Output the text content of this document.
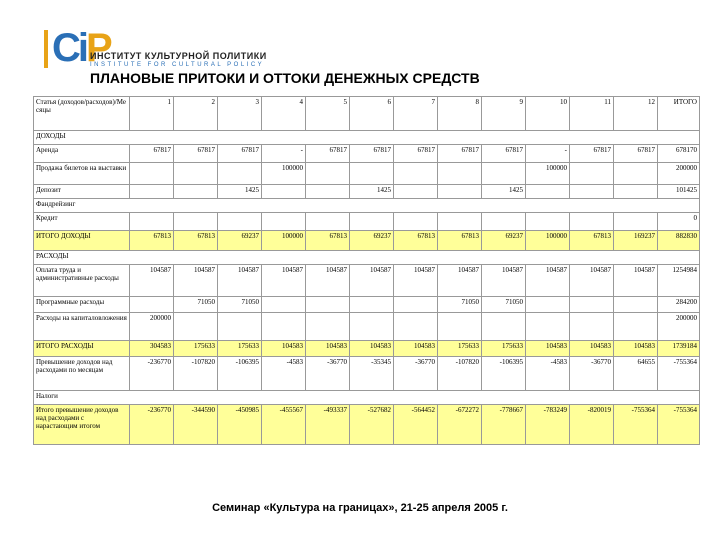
CiP
ИНСТИТУТ КУЛЬТУРНОЙ ПОЛИТИКИ
INSTITUTE FOR CULTURAL POLICY
ПЛАНОВЫЕ ПРИТОКИ И ОТТОКИ ДЕНЕЖНЫХ СРЕДСТВ
Статья (доходов/расходов)/Ме сяцы	1	2	3	4	5	6	7	8	9	10	11	12	ИТОГО
ДОХОДЫ													
Аренда	67817	67817	67817	-	67817	67817	67817	67817	67817	-	67817	67817	678170
Продажа билетов на выставки				100000						100000			200000
Депозит			1425			1425			1425				101425
Фандрейзинг													
Кредит													0
ИТОГО ДОХОДЫ	67813	67813	69237	100000	67813	69237	67813	67813	69237	100000	67813	169237	882830
РАСХОДЫ													
Оплата труда и административные расходы	104587	104587	104587	104587	104587	104587	104587	104587	104587	104587	104587	104587	1254984
Программные расходы		71050	71050					71050	71050				284200
Расходы на капиталовложения	200000												200000
ИТОГО РАСХОДЫ	304583	175633	175633	104583	104583	104583	104583	175633	175633	104583	104583	104583	1739184
Превышение доходов над расходами по месяцам	-236770	-107820	-106395	-4583	-36770	-35345	-36770	-107820	-106395	-4583	-36770	64655	-755364
Налоги													
Итого превышение доходов над расходами с нарастающим итогом	-236770	-344590	-450985	-455567	-493337	-527682	-564452	-672272	-778667	-783249	-820019	-755364	-755364
Семинар «Культура на границах», 21-25 апреля 2005 г.
